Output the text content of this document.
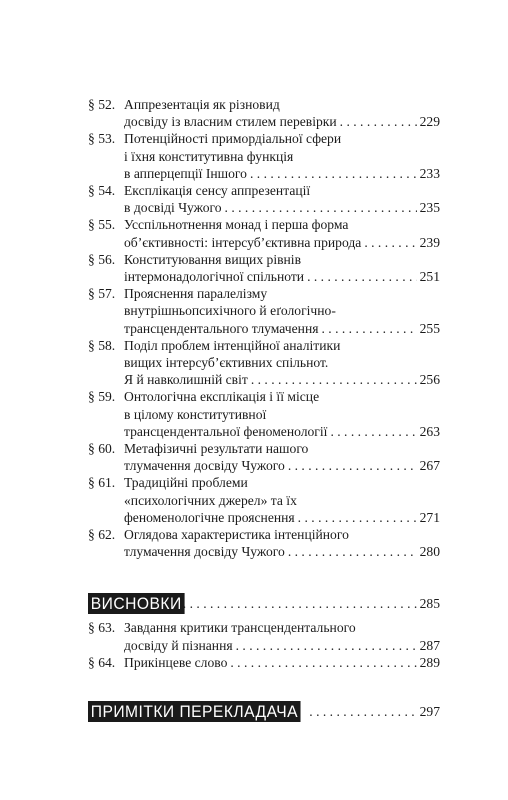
§ 52. Аппрезентація як різновид
досвіду із власним стилем перевірки . . .	229
§ 53. Потенційності примордіальної сфери
і їхня конститутивна функція
в апперцепції Іншого . . .	233
§ 54. Експлікація сенсу аппрезентації
в досвіді Чужого . . .	235
§ 55. Усспільнотнення монад і перша форма
об’єктивності: інтерсуб’єктивна природа . . .	239
§ 56. Конституювання вищих рівнів
інтермонадологічної спільноти . . .	251
§ 57. Прояснення паралелізму
внутрішньопсихічного й еґологічно-
трансцендентального тлумачення . . .	255
§ 58. Поділ проблем інтенційної аналітики
вищих інтерсуб’єктивних спільнот.
Я й навколишній світ . . .	256
§ 59. Онтологічна експлікація і її місце
в цілому конститутивної
трансцендентальної феноменології . . .	263
§ 60. Метафізичні результати нашого
тлумачення досвіду Чужого . . .	267
§ 61. Традиційні проблеми
«психологічних джерел» та їх
феноменологічне прояснення . . .	271
§ 62. Оглядова характеристика інтенційного
тлумачення досвіду Чужого . . .	280
ВИСНОВКИ . . .	285
§ 63. Завдання критики трансцендентального
досвіду й пізнання . . .	287
§ 64. Прикінцеве слово . . .	289
ПРИМІТКИ ПЕРЕКЛАДАЧА . . .	297
